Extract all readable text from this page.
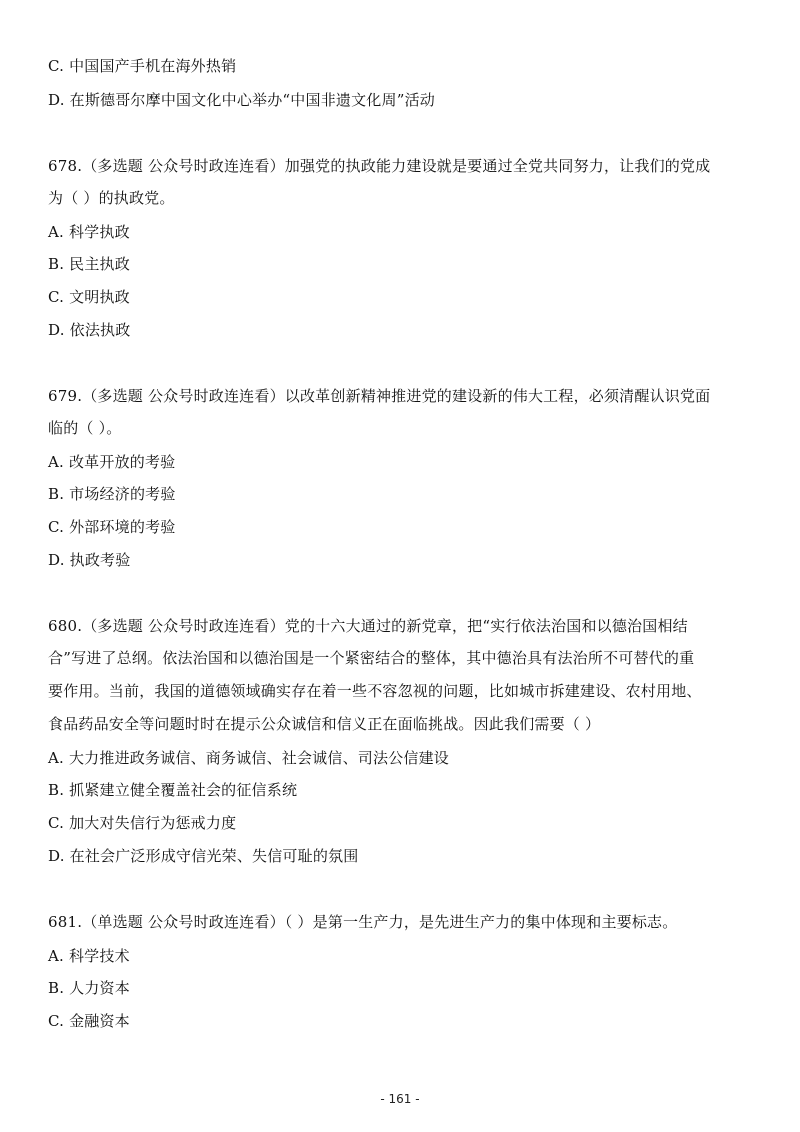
C. 中国国产手机在海外热销
D. 在斯德哥尔摩中国文化中心举办“中国非遗文化周”活动
678.（多选题 公众号时政连连看）加强党的执政能力建设就是要通过全党共同努力，让我们的党成
为（ ）的执政党。
A. 科学执政
B. 民主执政
C. 文明执政
D. 依法执政
679.（多选题 公众号时政连连看）以改革创新精神推进党的建设新的伟大工程，必须清醒认识党面
临的（ ）。
A. 改革开放的考验
B. 市场经济的考验
C. 外部环境的考验
D. 执政考验
680.（多选题 公众号时政连连看）党的十六大通过的新党章，把“实行依法治国和以德治国相结
合”写进了总纲。依法治国和以德治国是一个紧密结合的整体，其中德治具有法治所不可替代的重
要作用。当前，我国的道德领域确实存在着一些不容忽视的问题，比如城市拆建建设、农村用地、
食品药品安全等问题时时在提示公众诚信和信义正在面临挑战。因此我们需要（ ）
A. 大力推进政务诚信、商务诚信、社会诚信、司法公信建设
B. 抓紧建立健全覆盖社会的征信系统
C. 加大对失信行为惩戒力度
D. 在社会广泛形成守信光荣、失信可耻的氛围
681.（单选题 公众号时政连连看）（ ）是第一生产力，是先进生产力的集中体现和主要标志。
A. 科学技术
B. 人力资本
C. 金融资本
- 161 -
